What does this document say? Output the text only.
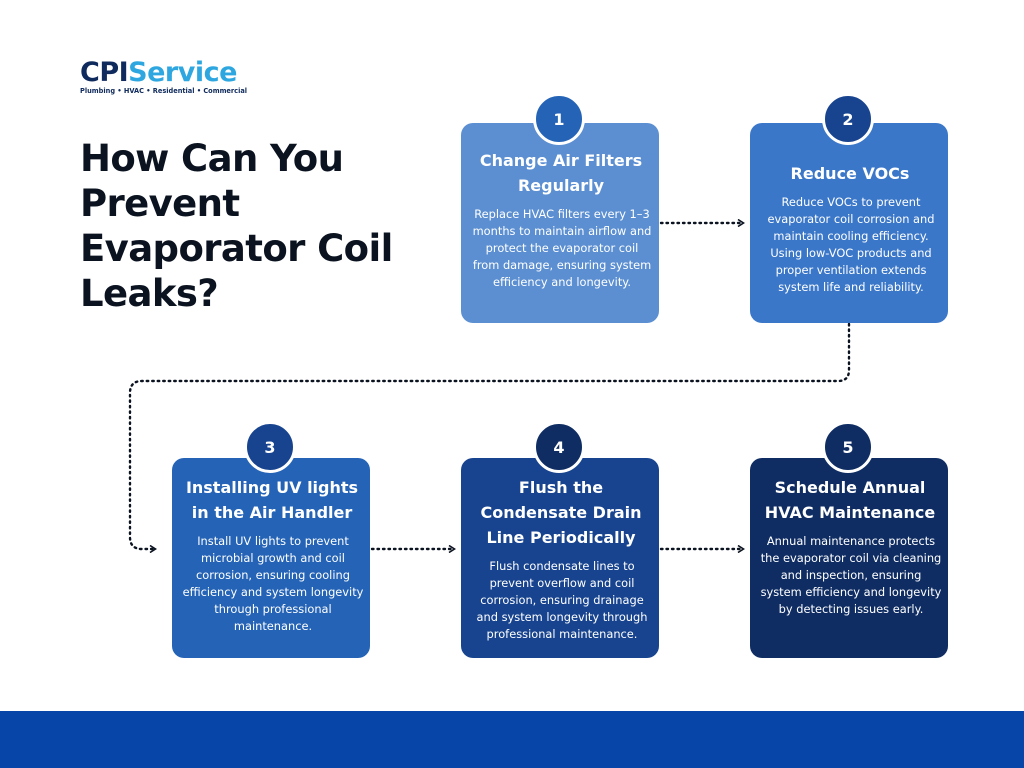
CPIService
Plumbing • HVAC • Residential • Commercial
How Can You Prevent Evaporator Coil Leaks?
Change Air Filters Regularly
Replace HVAC filters every 1–3 months to maintain airflow and protect the evaporator coil from damage, ensuring system efficiency and longevity.
1
Reduce VOCs
Reduce VOCs to prevent evaporator coil corrosion and maintain cooling efficiency. Using low-VOC products and proper ventilation extends system life and reliability.
2
Installing UV lights in the Air Handler
Install UV lights to prevent microbial growth and coil corrosion, ensuring cooling efficiency and system longevity through professional maintenance.
3
Flush the Condensate Drain Line Periodically
Flush condensate lines to prevent overflow and coil corrosion, ensuring drainage and system longevity through professional maintenance.
4
Schedule Annual HVAC Maintenance
Annual maintenance protects the evaporator coil via cleaning and inspection, ensuring system efficiency and longevity by detecting issues early.
5
